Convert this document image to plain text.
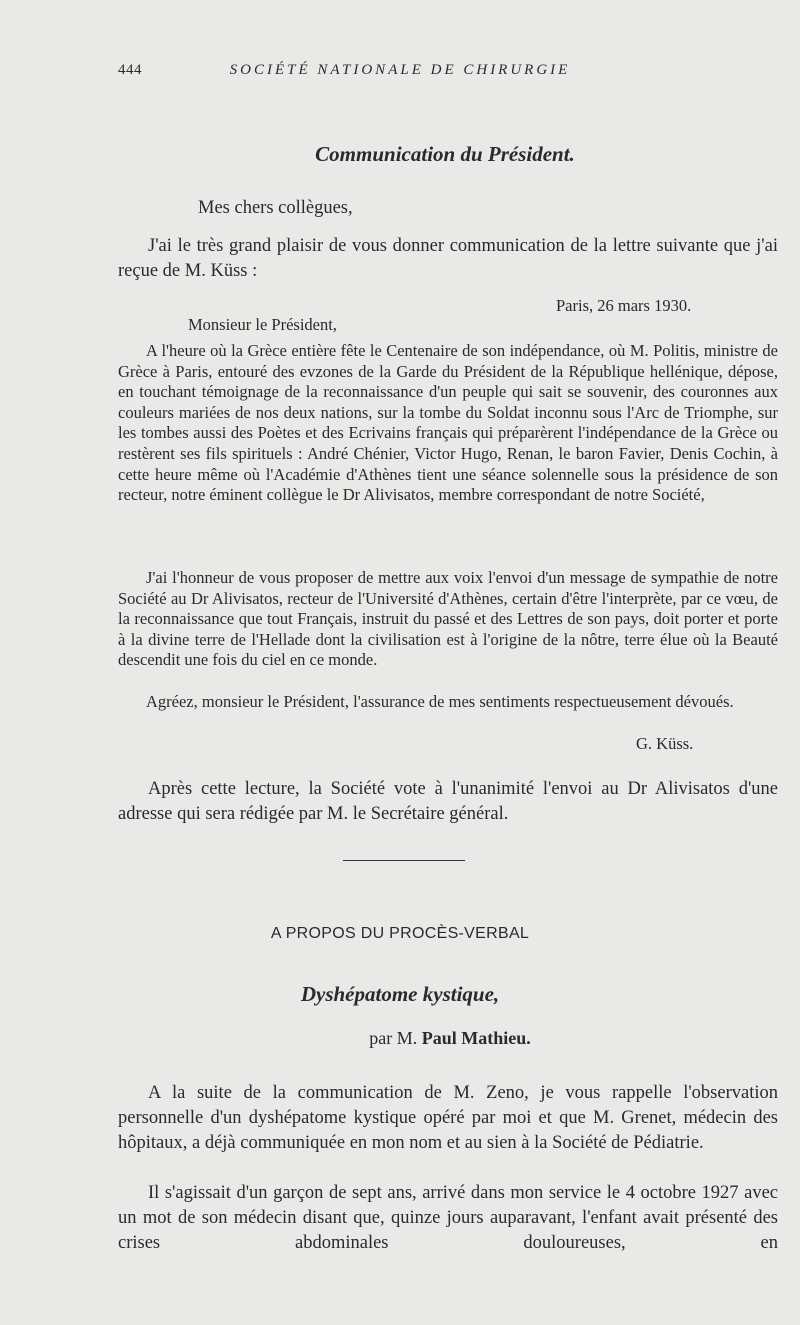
444	SOCIÉTÉ NATIONALE DE CHIRURGIE
Communication du Président.
Mes chers collègues,

J'ai le très grand plaisir de vous donner communication de la lettre suivante que j'ai reçue de M. Küss :

Paris, 26 mars 1930.
Monsieur le Président,

A l'heure où la Grèce entière fête le Centenaire de son indépendance, où M. Politis, ministre de Grèce à Paris, entouré des evzones de la Garde du Président de la République hellénique, dépose, en touchant témoignage de la reconnaissance d'un peuple qui sait se souvenir, des couronnes aux couleurs mariées de nos deux nations, sur la tombe du Soldat inconnu sous l'Arc de Triomphe, sur les tombes aussi des Poètes et des Ecrivains français qui préparèrent l'indépendance de la Grèce ou restèrent ses fils spirituels : André Chénier, Victor Hugo, Renan, le baron Favier, Denis Cochin, à cette heure même où l'Académie d'Athènes tient une séance solennelle sous la présidence de son recteur, notre éminent collègue le Dr Alivisatos, membre correspondant de notre Société,

J'ai l'honneur de vous proposer de mettre aux voix l'envoi d'un message de sympathie de notre Société au Dr Alivisatos, recteur de l'Université d'Athènes, certain d'être l'interprète, par ce vœu, de la reconnaissance que tout Français, instruit du passé et des Lettres de son pays, doit porter et porte à la divine terre de l'Hellade dont la civilisation est à l'origine de la nôtre, terre élue où la Beauté descendit une fois du ciel en ce monde.

Agréez, monsieur le Président, l'assurance de mes sentiments respectueusement dévoués.

G. Küss.

Après cette lecture, la Société vote à l'unanimité l'envoi au Dr Alivisatos d'une adresse qui sera rédigée par M. le Secrétaire général.

A PROPOS DU PROCÈS-VERBAL
Dyshépatome kystique,
par M. Paul Mathieu.

A la suite de la communication de M. Zeno, je vous rappelle l'observation personnelle d'un dyshépatome kystique opéré par moi et que M. Grenet, médecin des hôpitaux, a déjà communiquée en mon nom et au sien à la Société de Pédiatrie.

Il s'agissait d'un garçon de sept ans, arrivé dans mon service le 4 octobre 1927 avec un mot de son médecin disant que, quinze jours auparavant, l'enfant avait présenté des crises abdominales douloureuses, en
